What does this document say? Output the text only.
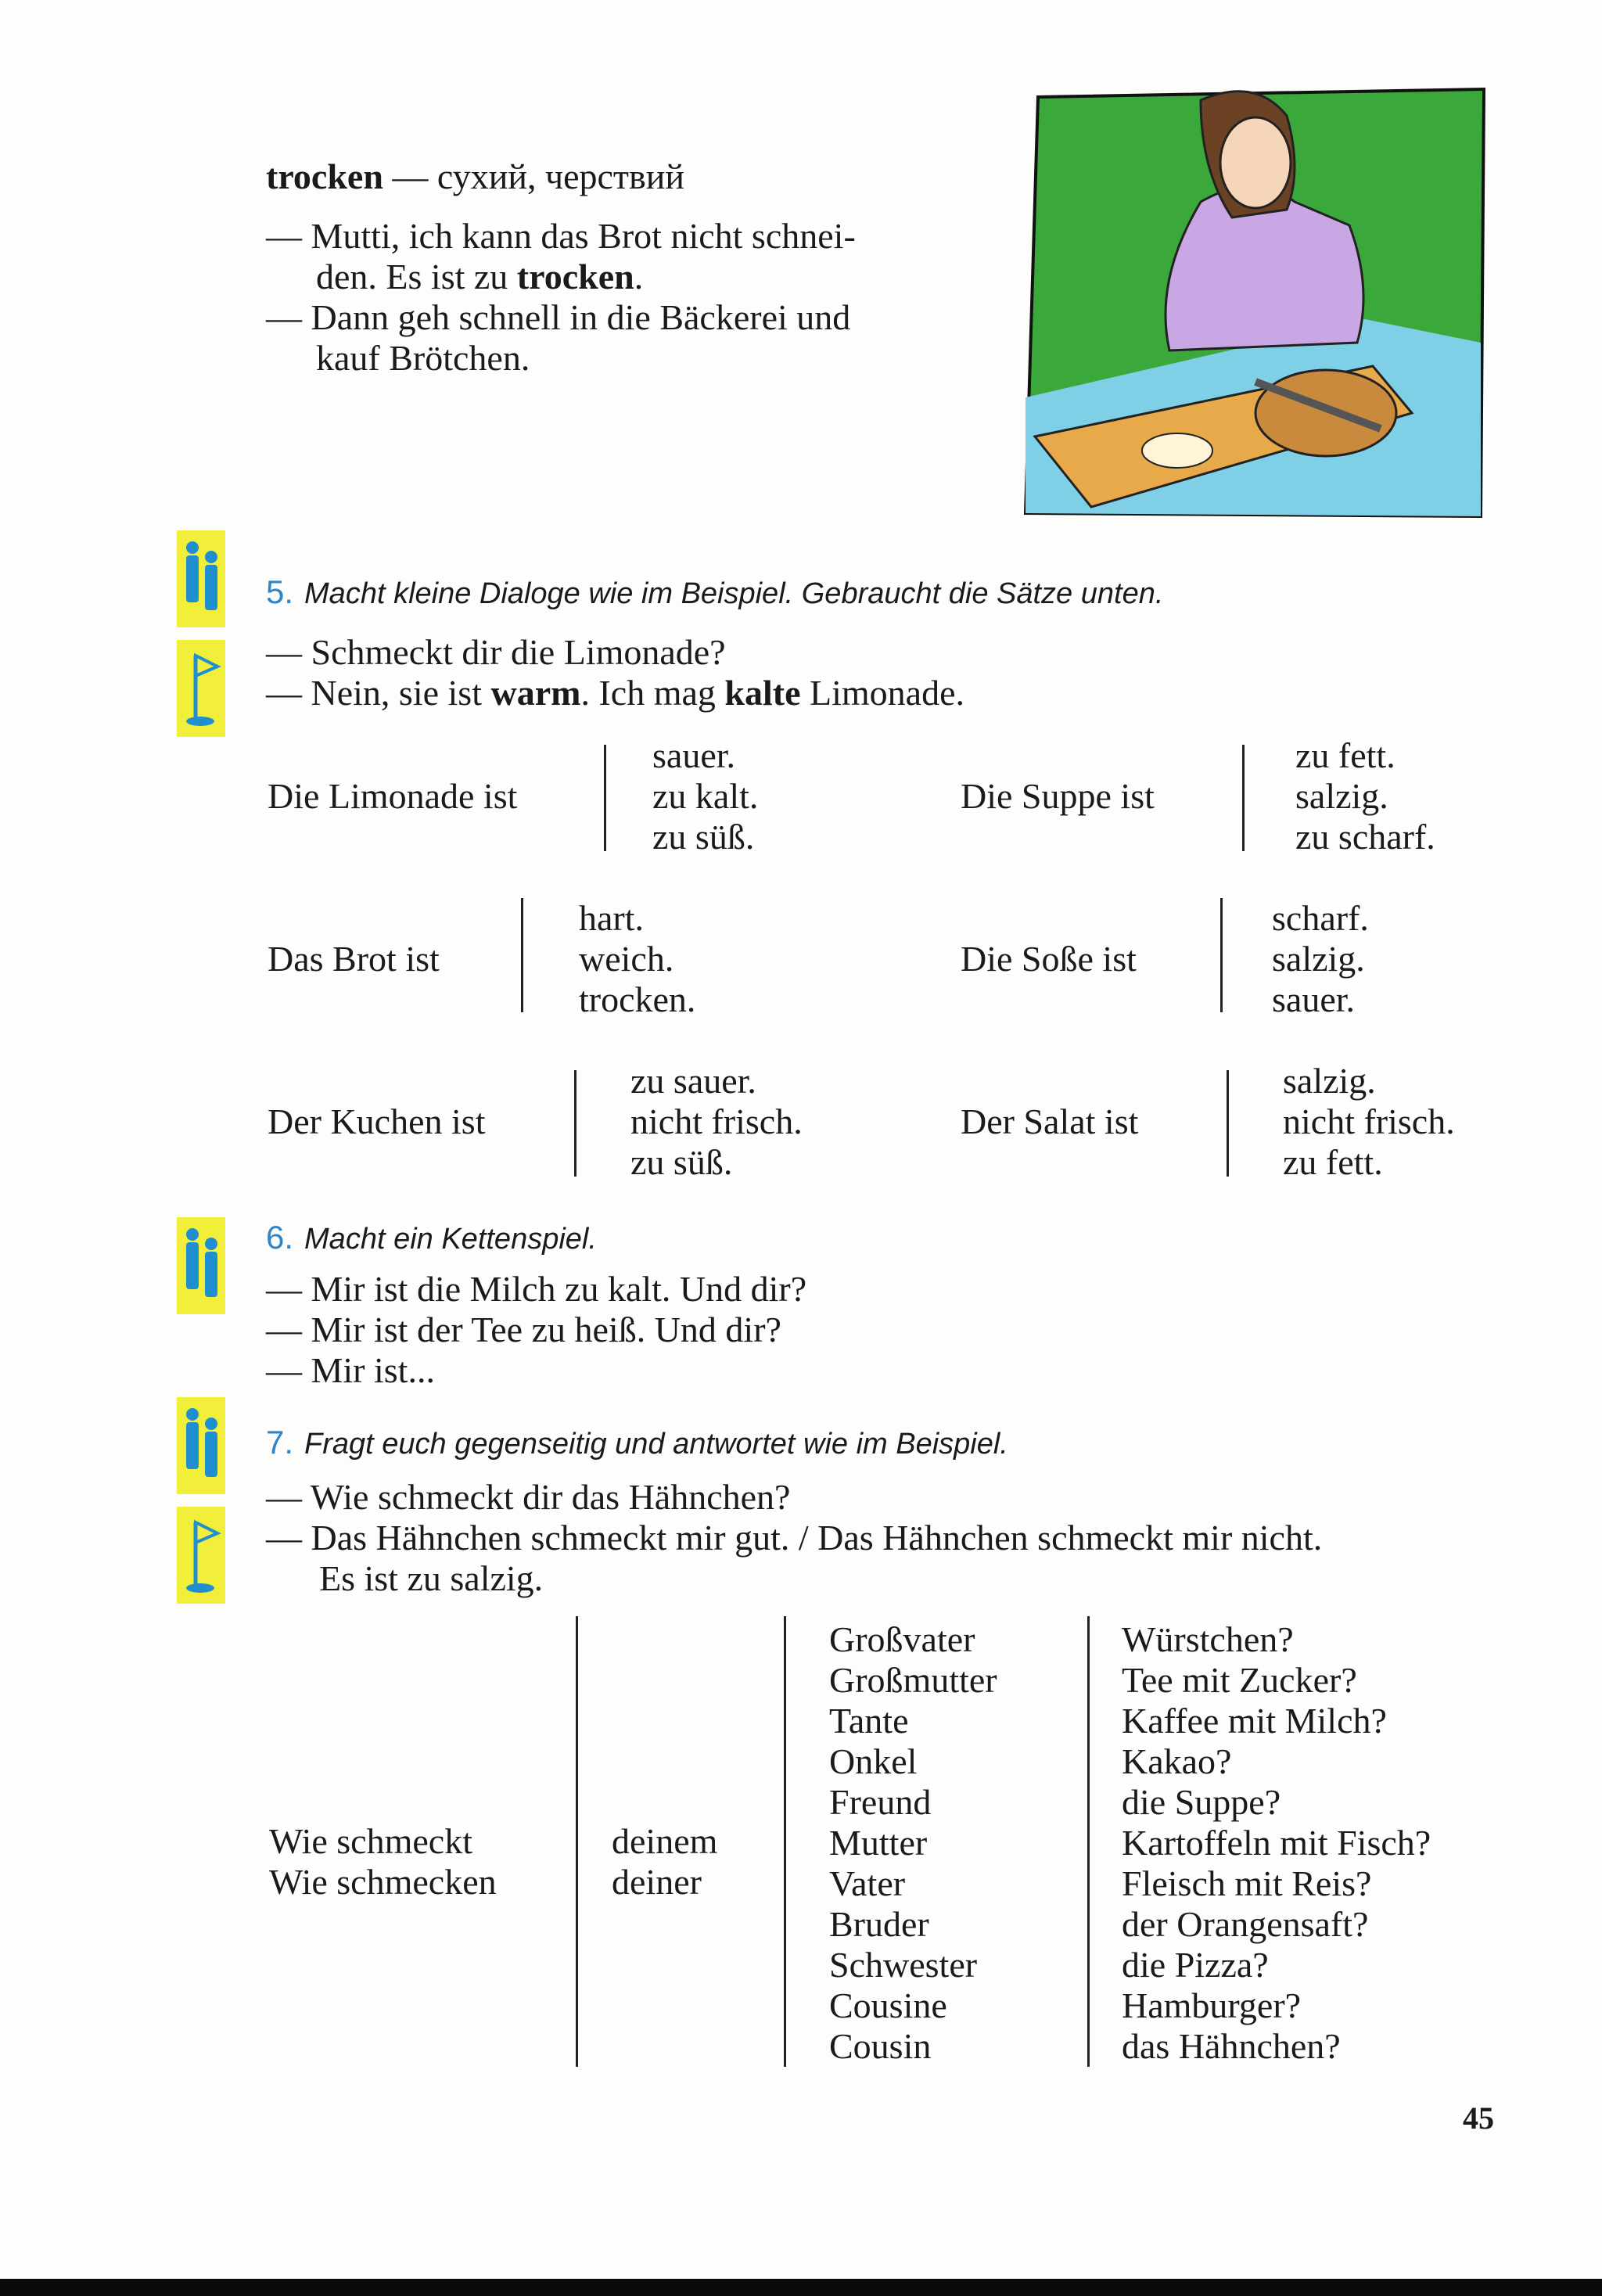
trocken — сухий, черствий
— Mutti, ich kann das Brot nicht schnei-
den. Es ist zu trocken.
— Dann geh schnell in die Bäckerei und
kauf Brötchen.
5. Macht kleine Dialoge wie im Beispiel. Gebraucht die Sätze unten.
— Schmeckt dir die Limonade?
— Nein, sie ist warm. Ich mag kalte Limonade.
Die Limonade ist
sauer.
zu kalt.
zu süß.
Die Suppe ist
zu fett.
salzig.
zu scharf.
Das Brot ist
hart.
weich.
trocken.
Die Soße ist
scharf.
salzig.
sauer.
Der Kuchen ist
zu sauer.
nicht frisch.
zu süß.
Der Salat ist
salzig.
nicht frisch.
zu fett.
6. Macht ein Kettenspiel.
— Mir ist die Milch zu kalt. Und dir?
— Mir ist der Tee zu heiß. Und dir?
— Mir ist...
7. Fragt euch gegenseitig und antwortet wie im Beispiel.
— Wie schmeckt dir das Hähnchen?
— Das Hähnchen schmeckt mir gut. / Das Hähnchen schmeckt mir nicht.
Es ist zu salzig.
Wie schmeckt
Wie schmecken
deinem
deiner
Großvater
Großmutter
Tante
Onkel
Freund
Mutter
Vater
Bruder
Schwester
Cousine
Cousin
Würstchen?
Tee mit Zucker?
Kaffee mit Milch?
Kakao?
die Suppe?
Kartoffeln mit Fisch?
Fleisch mit Reis?
der Orangensaft?
die Pizza?
Hamburger?
das Hähnchen?
45
